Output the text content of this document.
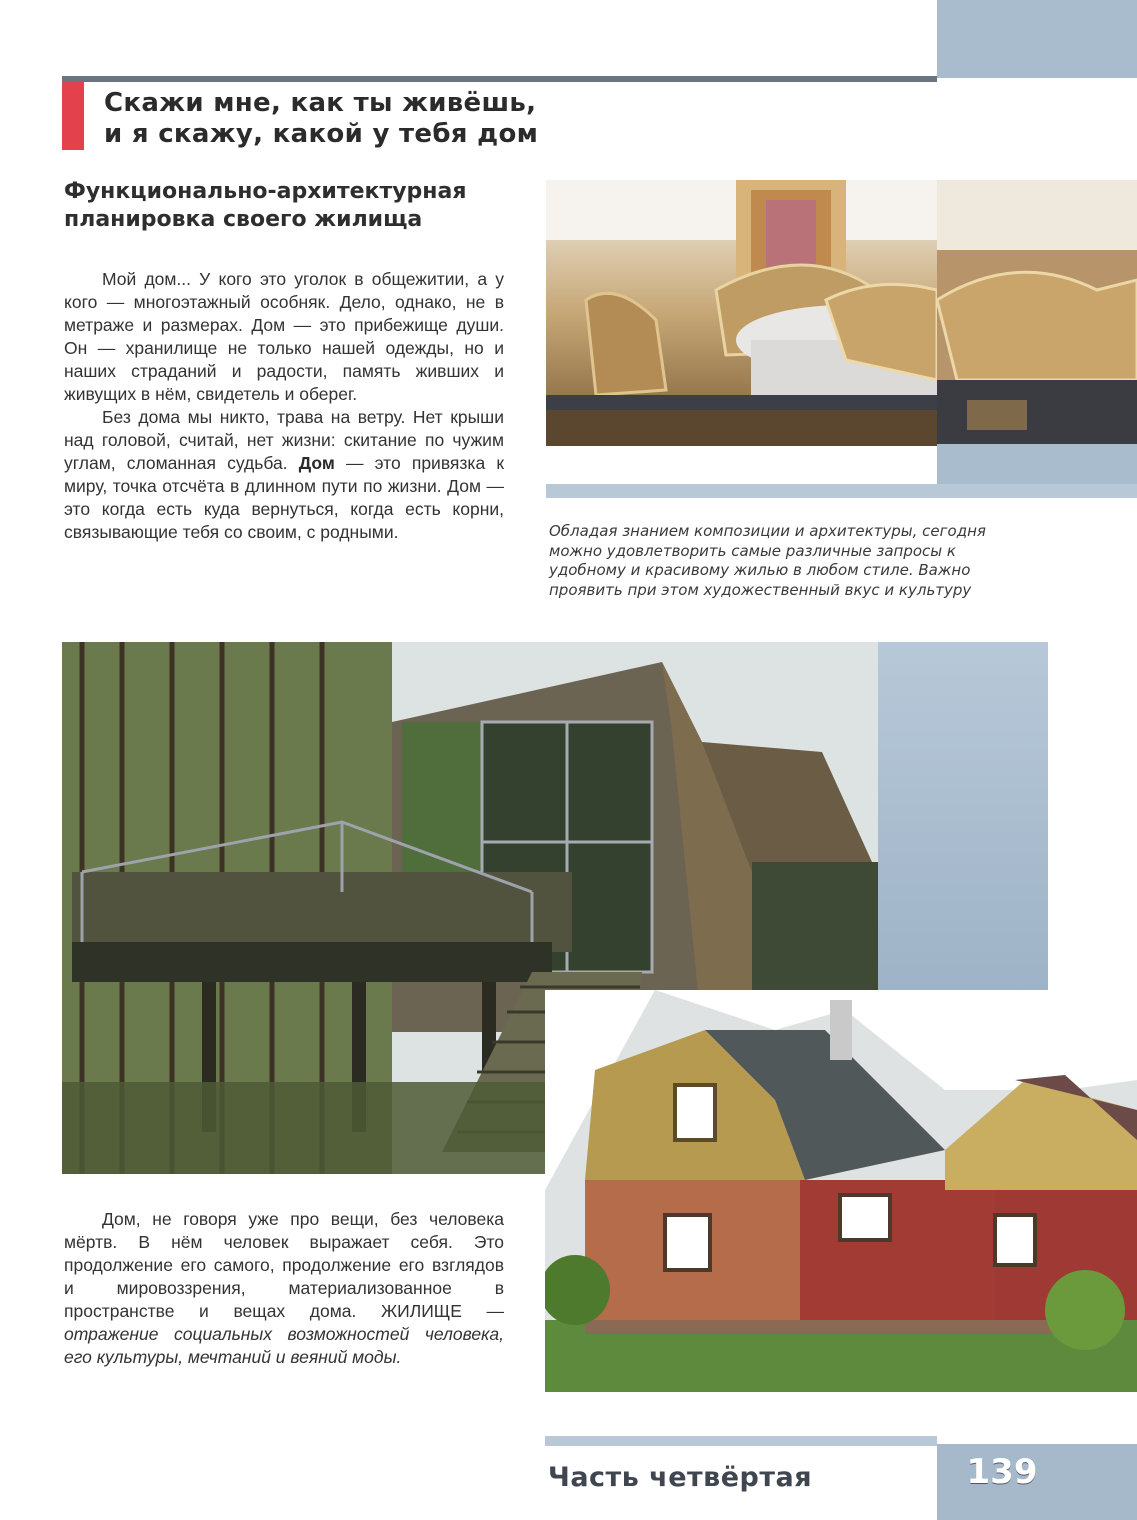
Скажи мне, как ты живёшь,
и я скажу, какой у тебя дом
Функционально-архитектурная
планировка своего жилища

Мой дом... У кого это уголок в общежитии, а у кого — многоэтажный особняк. Дело, однако, не в метраже и размерах. Дом — это прибежище души. Он — хранилище не только нашей одежды, но и наших страданий и радости, память живших и живущих в нём, свидетель и оберег.

Без дома мы никто, трава на ветру. Нет крыши над головой, считай, нет жизни: скитание по чужим углам, сломанная судьба. Дом — это привязка к миру, точка отсчёта в длинном пути по жизни. Дом — это когда есть куда вернуться, когда есть корни, связывающие тебя со своим, с родными.	Обладая знанием композиции и архитектуры, сегодня можно удовлетворить самые различные запросы к удобному и красивому жилью в любом стиле. Важно проявить при этом художественный вкус и культуру

Дом, не говоря уже про вещи, без человека мёртв. В нём человек выражает себя. Это продолжение его самого, продолжение его взглядов и мировоззрения, материализованное в пространстве и вещах дома. ЖИЛИЩЕ — отражение социальных возможностей человека, его культуры, мечтаний и веяний моды.

Часть четвёртая	139
